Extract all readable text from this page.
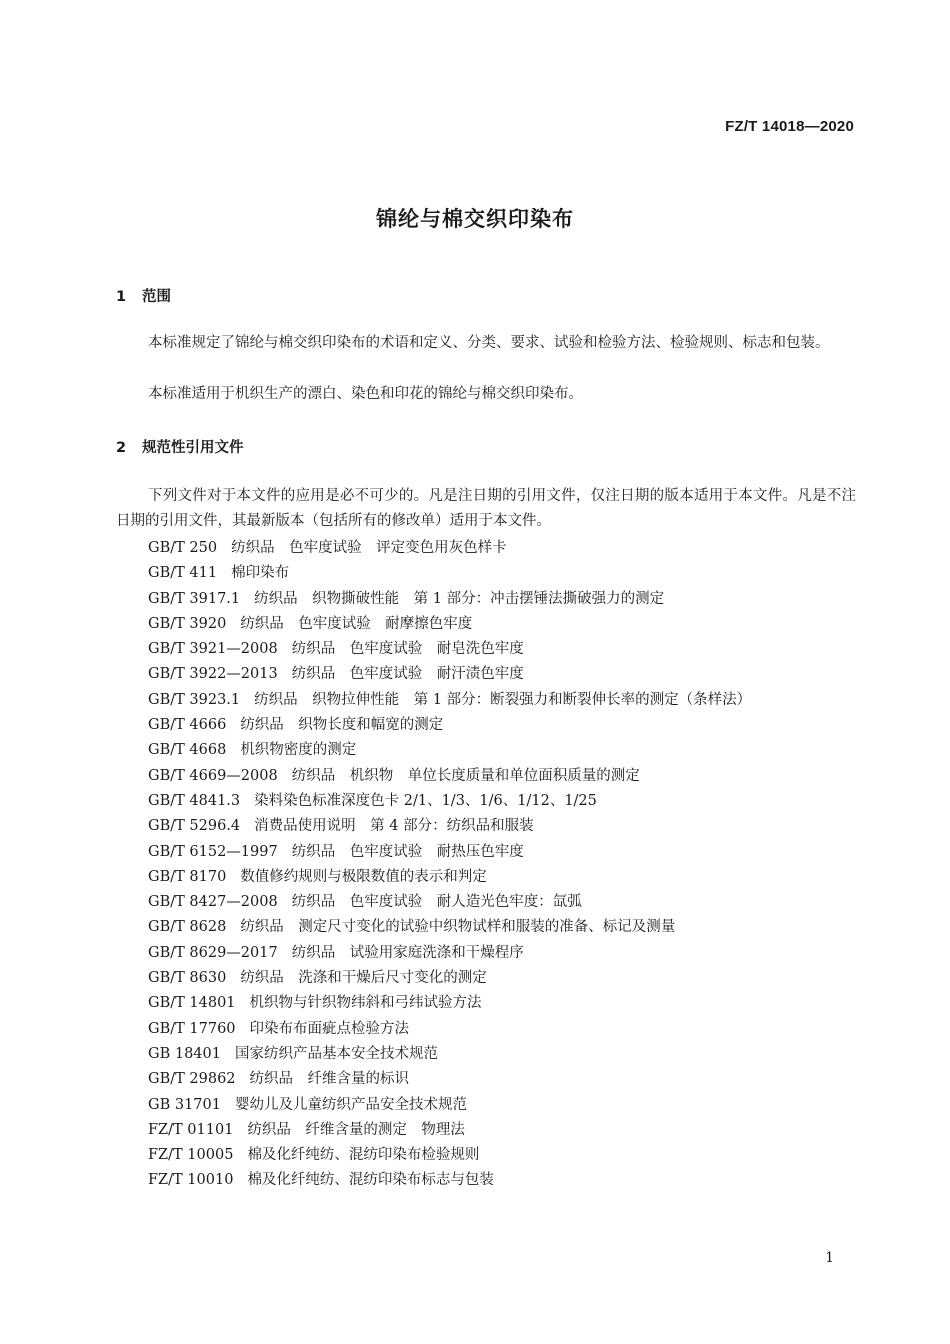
FZ/T 14018—2020
锦纶与棉交织印染布
1 范围
本标准规定了锦纶与棉交织印染布的术语和定义、分类、要求、试验和检验方法、检验规则、标志和包装。
本标准适用于机织生产的漂白、染色和印花的锦纶与棉交织印染布。
2 规范性引用文件
下列文件对于本文件的应用是必不可少的。凡是注日期的引用文件，仅注日期的版本适用于本文件。凡是不注日期的引用文件，其最新版本（包括所有的修改单）适用于本文件。
GB/T 250 纺织品　色牢度试验　评定变色用灰色样卡
GB/T 411 棉印染布
GB/T 3917.1 纺织品　织物撕破性能　第 1 部分：冲击摆锤法撕破强力的测定
GB/T 3920 纺织品　色牢度试验　耐摩擦色牢度
GB/T 3921—2008 纺织品　色牢度试验　耐皂洗色牢度
GB/T 3922—2013 纺织品　色牢度试验　耐汗渍色牢度
GB/T 3923.1 纺织品　织物拉伸性能　第 1 部分：断裂强力和断裂伸长率的测定（条样法）
GB/T 4666 纺织品　织物长度和幅宽的测定
GB/T 4668 机织物密度的测定
GB/T 4669—2008 纺织品　机织物　单位长度质量和单位面积质量的测定
GB/T 4841.3 染料染色标准深度色卡 2/1、1/3、1/6、1/12、1/25
GB/T 5296.4 消费品使用说明　第 4 部分：纺织品和服装
GB/T 6152—1997 纺织品　色牢度试验　耐热压色牢度
GB/T 8170 数值修约规则与极限数值的表示和判定
GB/T 8427—2008 纺织品　色牢度试验　耐人造光色牢度：氙弧
GB/T 8628 纺织品　测定尺寸变化的试验中织物试样和服装的准备、标记及测量
GB/T 8629—2017 纺织品　试验用家庭洗涤和干燥程序
GB/T 8630 纺织品　洗涤和干燥后尺寸变化的测定
GB/T 14801 机织物与针织物纬斜和弓纬试验方法
GB/T 17760 印染布布面疵点检验方法
GB 18401 国家纺织产品基本安全技术规范
GB/T 29862 纺织品　纤维含量的标识
GB 31701 婴幼儿及儿童纺织产品安全技术规范
FZ/T 01101 纺织品　纤维含量的测定　物理法
FZ/T 10005 棉及化纤纯纺、混纺印染布检验规则
FZ/T 10010 棉及化纤纯纺、混纺印染布标志与包装
1
